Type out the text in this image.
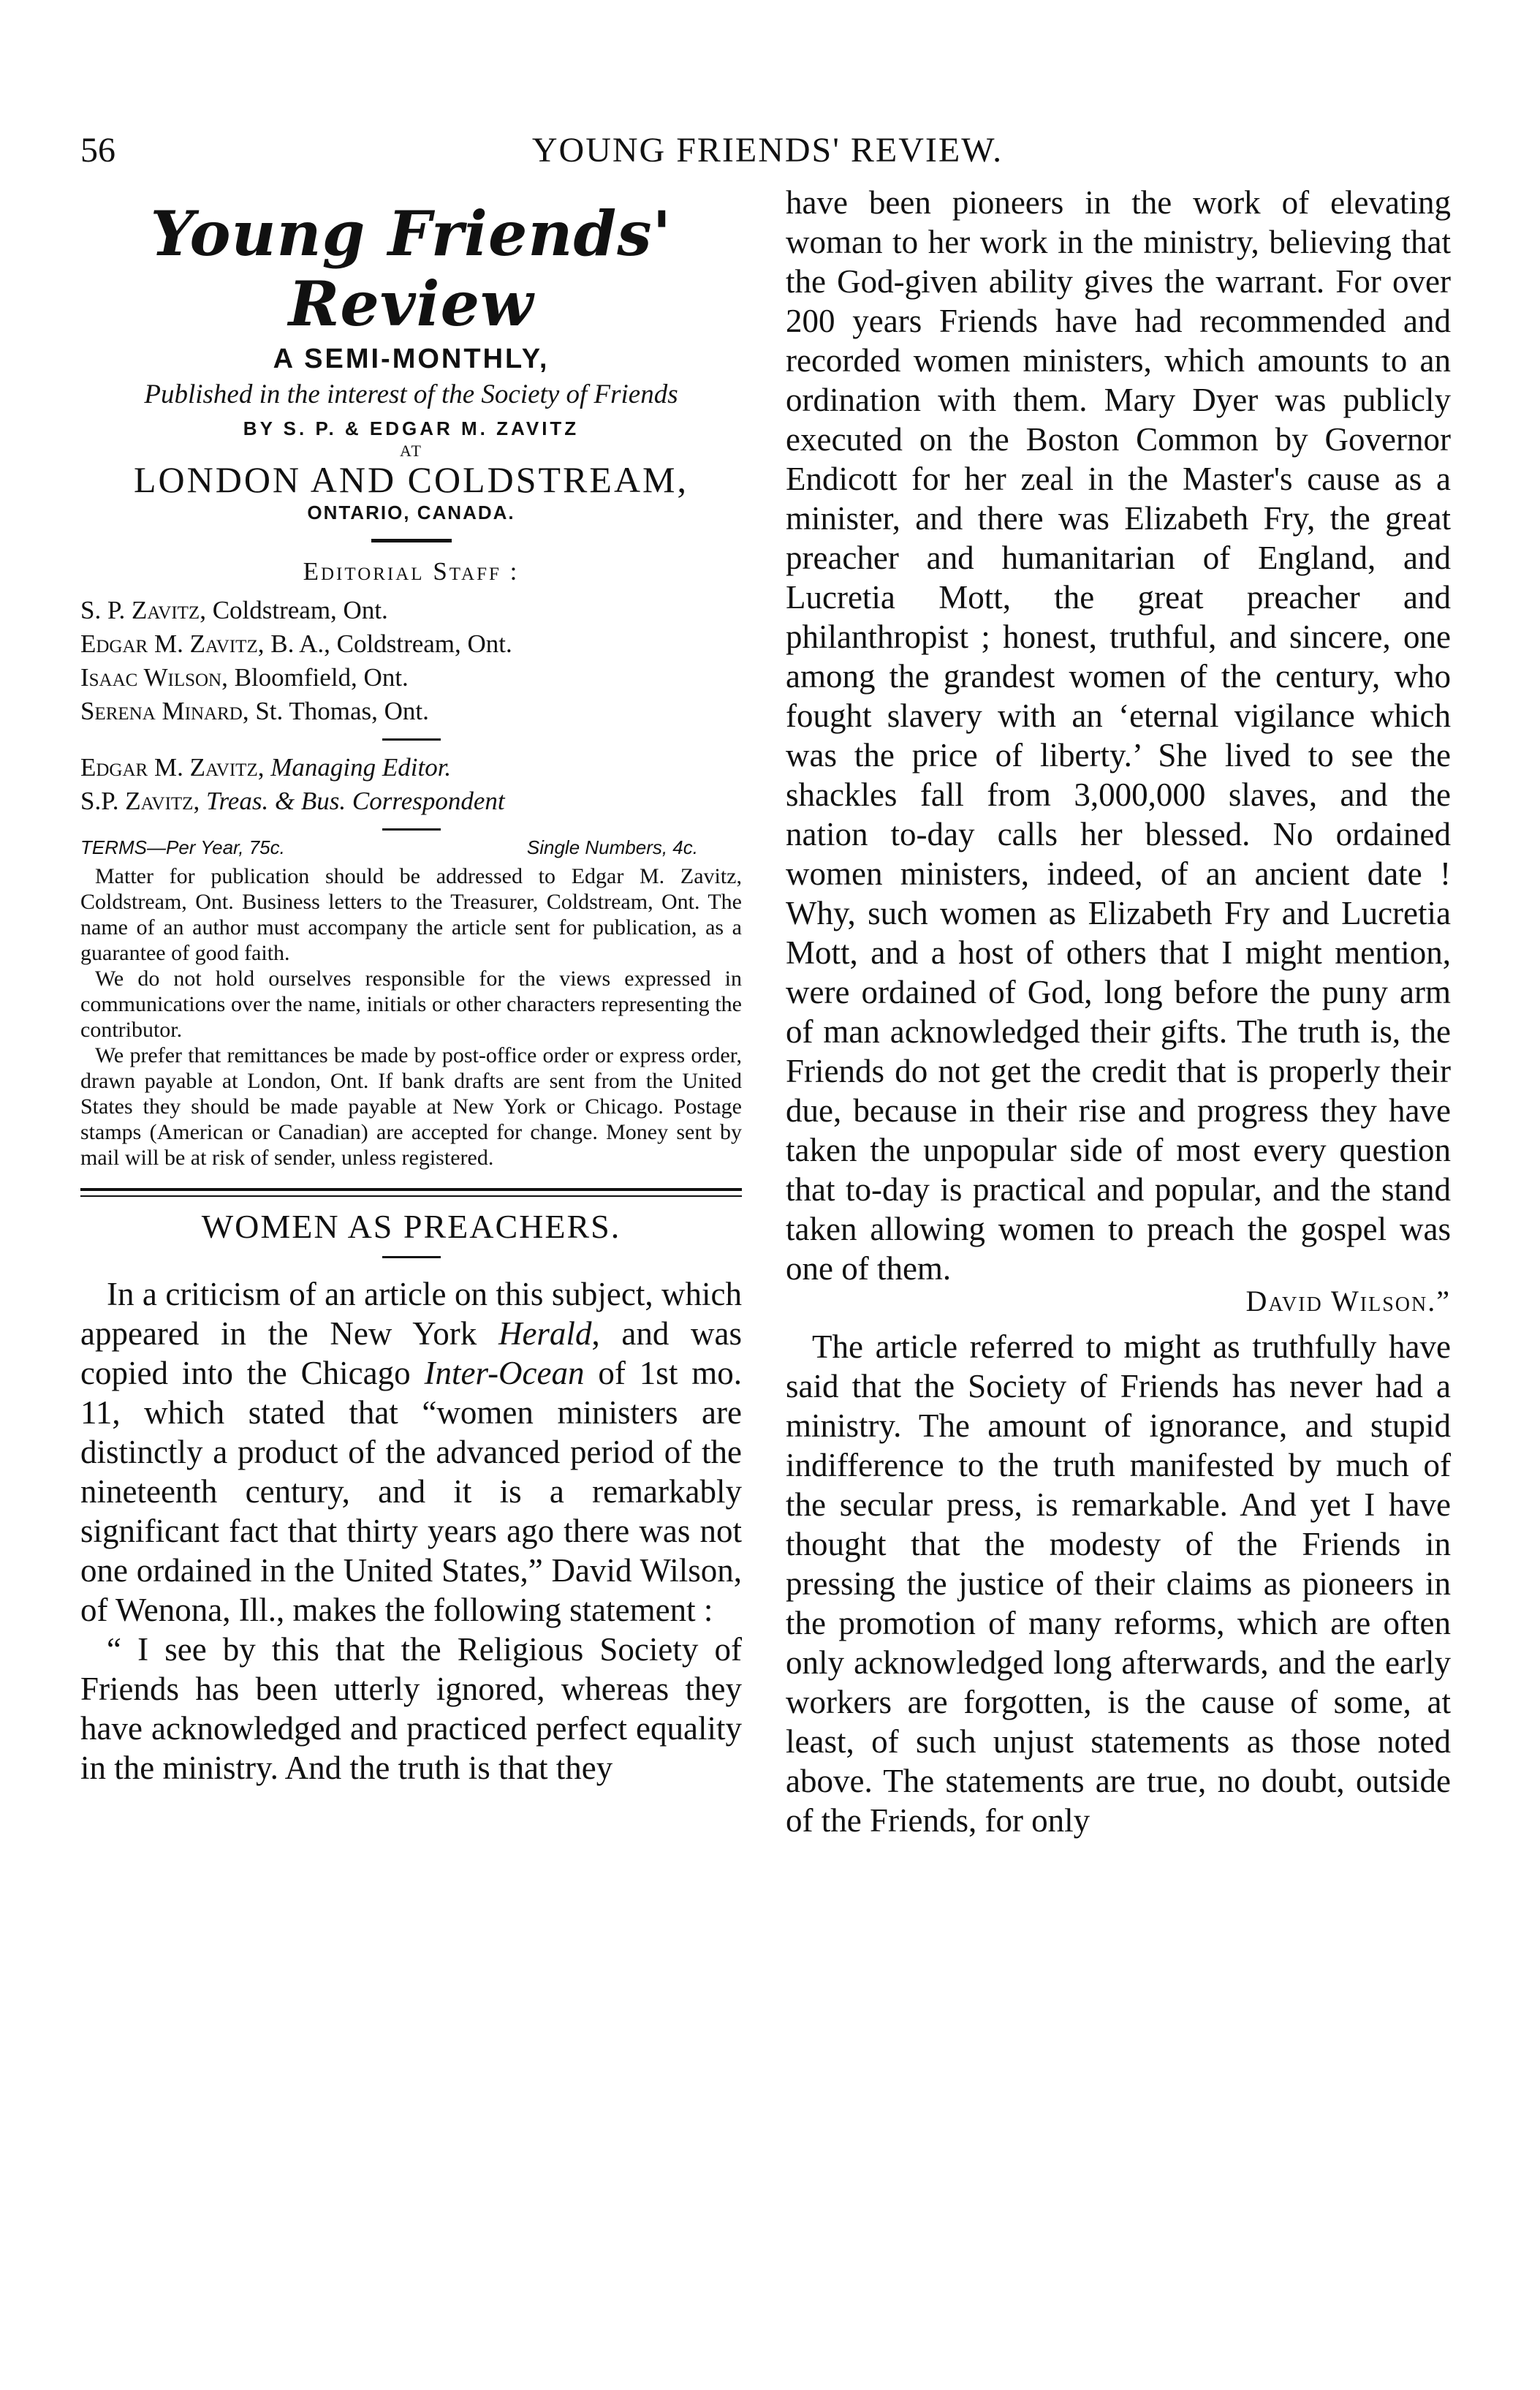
56	YOUNG FRIENDS' REVIEW.
Young Friends' Review
A SEMI-MONTHLY,
Published in the interest of the Society of Friends
BY S. P. & EDGAR M. ZAVITZ
AT
LONDON AND COLDSTREAM,
ONTARIO, CANADA.
Editorial Staff :
S. P. Zavitz, Coldstream, Ont.
Edgar M. Zavitz, B. A., Coldstream, Ont.
Isaac Wilson, Bloomfield, Ont.
Serena Minard, St. Thomas, Ont.
Edgar M. Zavitz, Managing Editor.
S.P. Zavitz, Treas. & Bus. Correspondent
TERMS—Per Year, 75c.	Single Numbers, 4c.

Matter for publication should be addressed to Edgar M. Zavitz, Coldstream, Ont. Business letters to the Treasurer, Coldstream, Ont. The name of an author must accompany the article sent for publication, as a guarantee of good faith.

We do not hold ourselves responsible for the views expressed in communications over the name, initials or other characters representing the contributor.

We prefer that remittances be made by post-office order or express order, drawn payable at London, Ont. If bank drafts are sent from the United States they should be made payable at New York or Chicago. Postage stamps (American or Canadian) are accepted for change. Money sent by mail will be at risk of sender, unless registered.

WOMEN AS PREACHERS.

In a criticism of an article on this subject, which appeared in the New York Herald, and was copied into the Chicago Inter-Ocean of 1st mo. 11, which stated that “women ministers are distinctly a product of the advanced period of the nineteenth century, and it is a remarkably significant fact that thirty years ago there was not one ordained in the United States,” David Wilson, of Wenona, Ill., makes the following statement :

“ I see by this that the Religious Society of Friends has been utterly ignored, whereas they have acknowledged and practiced perfect equality in the ministry. And the truth is that they

have been pioneers in the work of elevating woman to her work in the ministry, believing that the God-given ability gives the warrant. For over 200 years Friends have had recommended and recorded women ministers, which amounts to an ordination with them. Mary Dyer was publicly executed on the Boston Common by Governor Endicott for her zeal in the Master's cause as a minister, and there was Elizabeth Fry, the great preacher and humanitarian of England, and Lucretia Mott, the great preacher and philanthropist ; honest, truthful, and sincere, one among the grandest women of the century, who fought slavery with an ‘eternal vigilance which was the price of liberty.’ She lived to see the shackles fall from 3,000,000 slaves, and the nation to-day calls her blessed. No ordained women ministers, indeed, of an ancient date ! Why, such women as Elizabeth Fry and Lucretia Mott, and a host of others that I might mention, were ordained of God, long before the puny arm of man acknowledged their gifts. The truth is, the Friends do not get the credit that is properly their due, because in their rise and progress they have taken the unpopular side of most every question that to-day is practical and popular, and the stand taken allowing women to preach the gospel was one of them.

David Wilson.”

The article referred to might as truthfully have said that the Society of Friends has never had a ministry. The amount of ignorance, and stupid indifference to the truth manifested by much of the secular press, is remarkable. And yet I have thought that the modesty of the Friends in pressing the justice of their claims as pioneers in the promotion of many reforms, which are often only acknowledged long afterwards, and the early workers are forgotten, is the cause of some, at least, of such unjust statements as those noted above. The statements are true, no doubt, outside of the Friends, for only
